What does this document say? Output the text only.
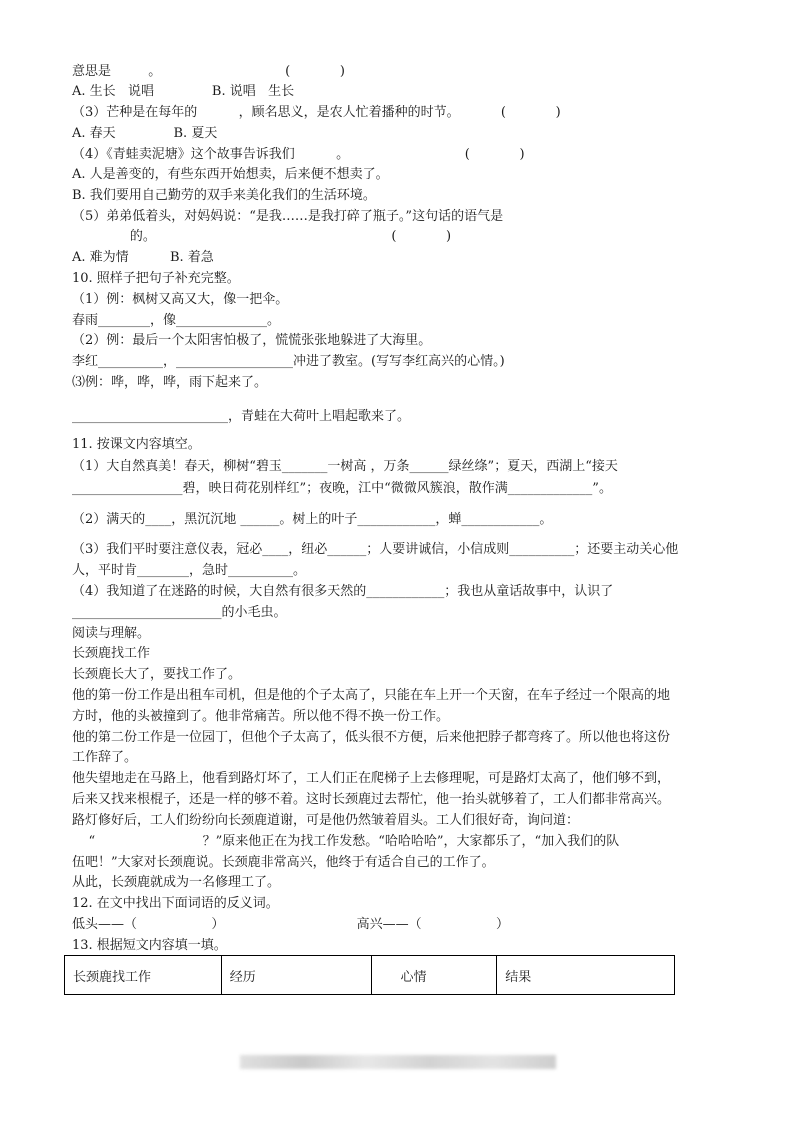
意思是         。                              (            )
A. 生长   说唱              B. 说唱   生长
（3）芒种是在每年的          ，顾名思义，是农人忙着播种的时节。          (            )
A. 春天              B. 夏天
（4）《青蛙卖泥塘》这个故事告诉我们          。                            (            )
A. 人是善变的，有些东西开始想卖，后来便不想卖了。
B. 我们要用自己勤劳的双手来美化我们的生活环境。
（5）弟弟低着头，对妈妈说：“是我……是我打碎了瓶子。”这句话的语气是
的。                                                         (            )
A. 难为情          B. 着急
10. 照样子把句子补充完整。
（1）例：枫树又高又大，像一把伞。
春雨________，像______________。
（2）例：最后一个太阳害怕极了，慌慌张张地躲进了大海里。
李红__________，__________________冲进了教室。(写写李红高兴的心情。)
⑶例：哗，哗，哗，雨下起来了。
________________________，青蛙在大荷叶上唱起歌来了。
11. 按课文内容填空。
（1）大自然真美！春天，柳树“碧玉_______一树高 ，万条______绿丝绦”；夏天，西湖上“接天
_________________碧，映日荷花别样红”；夜晚，江中“微微风簇浪，散作满_____________”。
（2）满天的____，黑沉沉地 ______。树上的叶子____________，蝉____________。
（3）我们平时要注意仪表，冠必____，纽必______；人要讲诚信，小信成则__________；还要主动关心他
人，平时肯________，急时__________。
（4）我知道了在迷路的时候，大自然有很多天然的____________；我也从童话故事中，认识了
_______________________的小毛虫。
阅读与理解。
长颈鹿找工作
长颈鹿长大了，要找工作了。
他的第一份工作是出租车司机，但是他的个子太高了，只能在车上开一个天窗，在车子经过一个限高的地
方时，他的头被撞到了。他非常痛苦。所以他不得不换一份工作。
他的第二份工作是一位园丁，但他个子太高了，低头很不方便，后来他把脖子都弯疼了。所以他也将这份
工作辞了。
他失望地走在马路上，他看到路灯坏了，工人们正在爬梯子上去修理呢，可是路灯太高了，他们够不到，
后来又找来根棍子，还是一样的够不着。这时长颈鹿过去帮忙，他一抬头就够着了，工人们都非常高兴。
路灯修好后，工人们纷纷向长颈鹿道谢，可是他仍然皱着眉头。工人们很好奇，询问道：
“                          ？”原来他正在为找工作发愁。“哈哈哈哈”，大家都乐了，“加入我们的队
伍吧！”大家对长颈鹿说。长颈鹿非常高兴，他终于有适合自己的工作了。
从此，长颈鹿就成为一名修理工了。
12. 在文中找出下面词语的反义词。
低头——（                  ）                                高兴——（                  ）
13. 根据短文内容填一填。
长颈鹿找工作	经历	心情	结果
